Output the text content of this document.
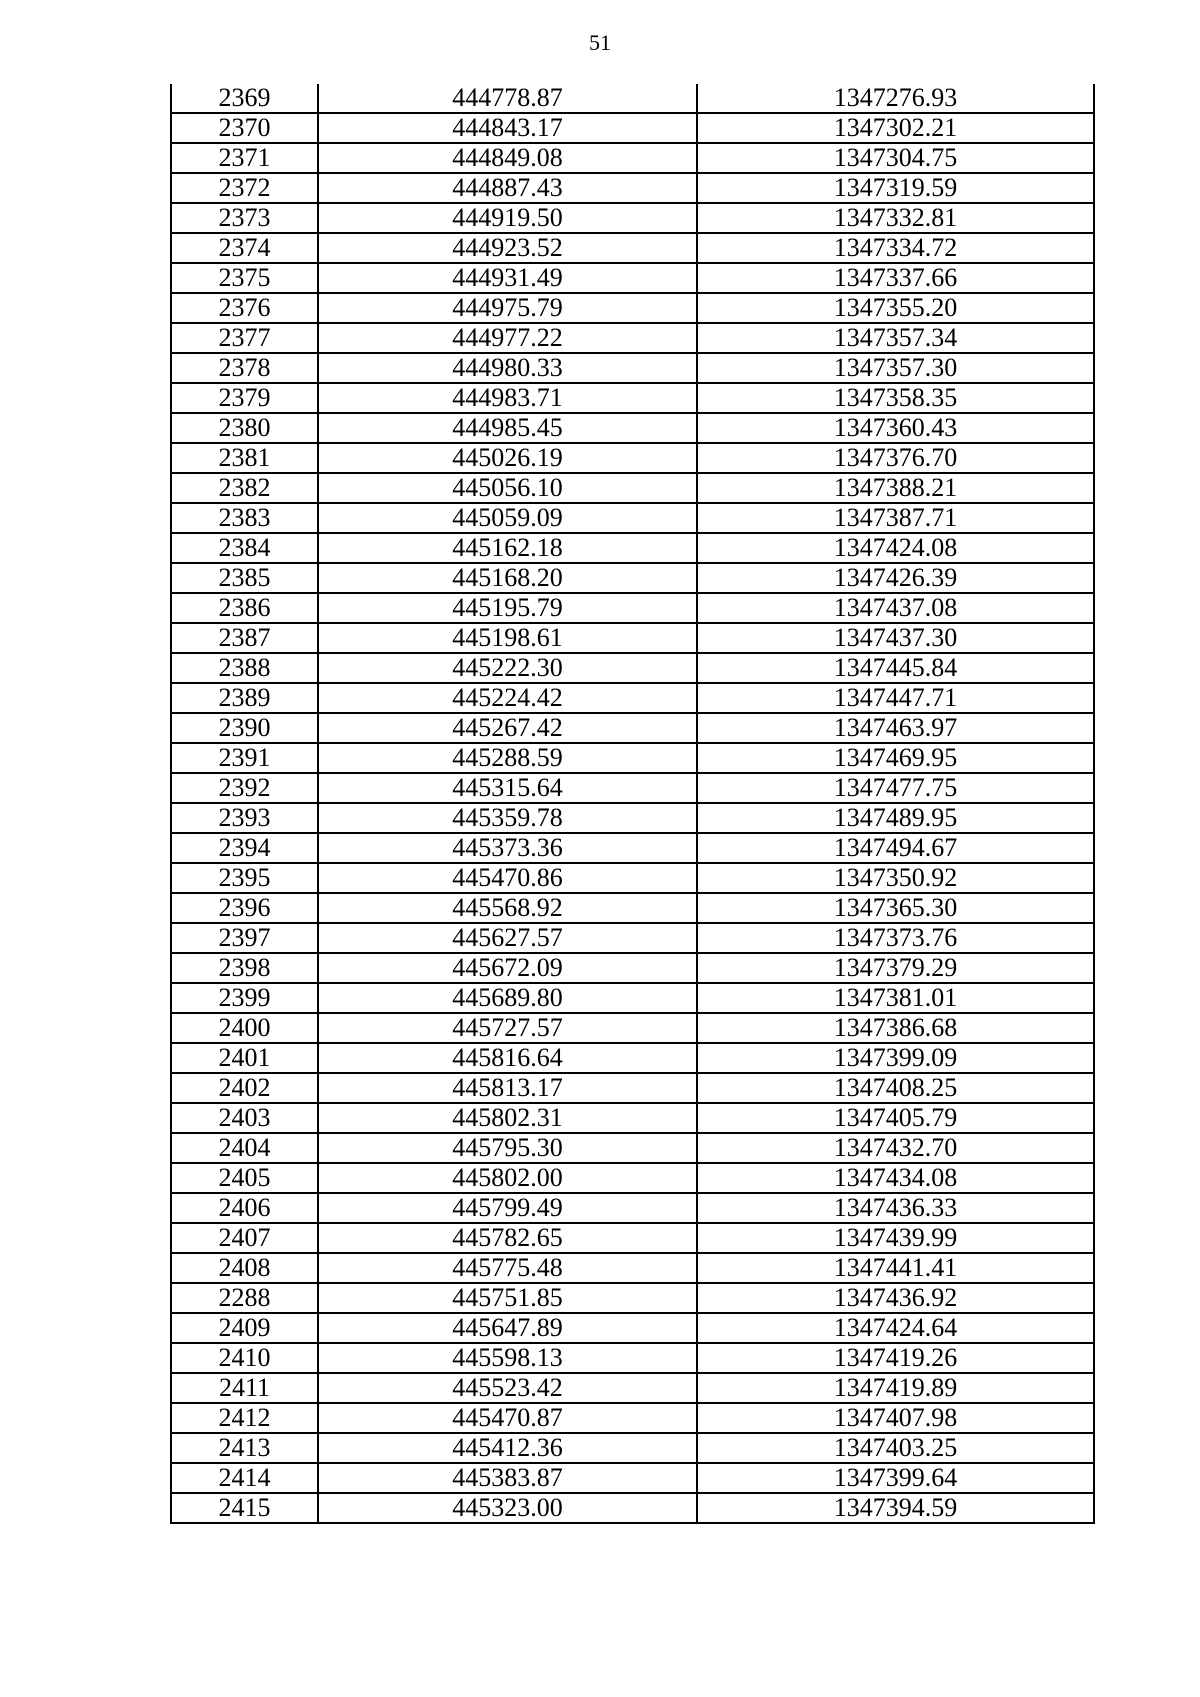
51
2369	444778.87	1347276.93
2370	444843.17	1347302.21
2371	444849.08	1347304.75
2372	444887.43	1347319.59
2373	444919.50	1347332.81
2374	444923.52	1347334.72
2375	444931.49	1347337.66
2376	444975.79	1347355.20
2377	444977.22	1347357.34
2378	444980.33	1347357.30
2379	444983.71	1347358.35
2380	444985.45	1347360.43
2381	445026.19	1347376.70
2382	445056.10	1347388.21
2383	445059.09	1347387.71
2384	445162.18	1347424.08
2385	445168.20	1347426.39
2386	445195.79	1347437.08
2387	445198.61	1347437.30
2388	445222.30	1347445.84
2389	445224.42	1347447.71
2390	445267.42	1347463.97
2391	445288.59	1347469.95
2392	445315.64	1347477.75
2393	445359.78	1347489.95
2394	445373.36	1347494.67
2395	445470.86	1347350.92
2396	445568.92	1347365.30
2397	445627.57	1347373.76
2398	445672.09	1347379.29
2399	445689.80	1347381.01
2400	445727.57	1347386.68
2401	445816.64	1347399.09
2402	445813.17	1347408.25
2403	445802.31	1347405.79
2404	445795.30	1347432.70
2405	445802.00	1347434.08
2406	445799.49	1347436.33
2407	445782.65	1347439.99
2408	445775.48	1347441.41
2288	445751.85	1347436.92
2409	445647.89	1347424.64
2410	445598.13	1347419.26
2411	445523.42	1347419.89
2412	445470.87	1347407.98
2413	445412.36	1347403.25
2414	445383.87	1347399.64
2415	445323.00	1347394.59
